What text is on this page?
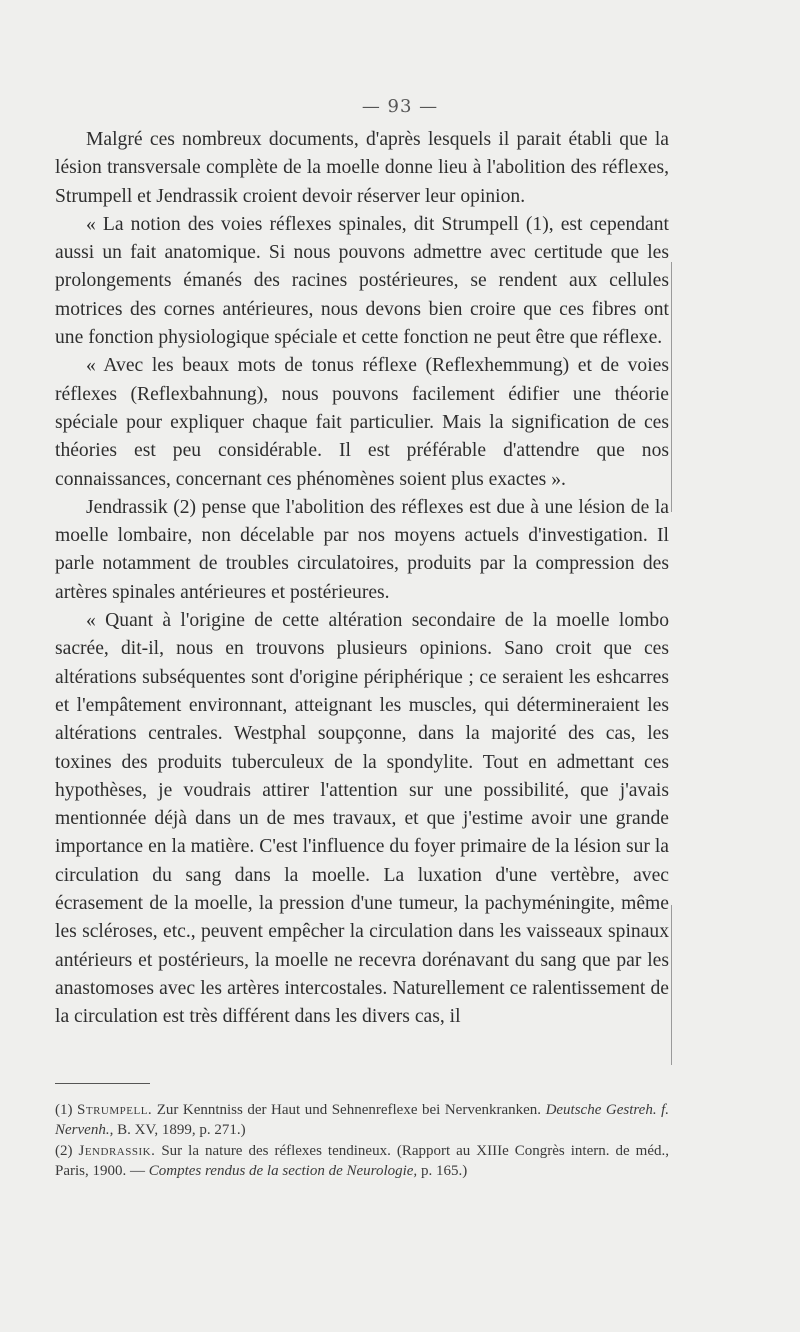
— 93 —

Malgré ces nombreux documents, d'après lesquels il parait établi que la lésion transversale complète de la moelle donne lieu à l'abolition des réflexes, Strumpell et Jendrassik croient devoir réserver leur opinion.

« La notion des voies réflexes spinales, dit Strumpell (1), est cependant aussi un fait anatomique. Si nous pouvons admettre avec certitude que les prolongements émanés des racines postérieures, se rendent aux cellules motrices des cornes antérieures, nous devons bien croire que ces fibres ont une fonction physiologique spéciale et cette fonction ne peut être que réflexe.

« Avec les beaux mots de tonus réflexe (Reflexhemmung) et de voies réflexes (Reflexbahnung), nous pouvons facilement édifier une théorie spéciale pour expliquer chaque fait particulier. Mais la signification de ces théories est peu considérable. Il est préférable d'attendre que nos connaissances, concernant ces phénomènes soient plus exactes ».

Jendrassik (2) pense que l'abolition des réflexes est due à une lésion de la moelle lombaire, non décelable par nos moyens actuels d'investigation. Il parle notamment de troubles circulatoires, produits par la compression des artères spinales antérieures et postérieures.

« Quant à l'origine de cette altération secondaire de la moelle lombo sacrée, dit-il, nous en trouvons plusieurs opinions. Sano croit que ces altérations subséquentes sont d'origine périphérique ; ce seraient les eshcarres et l'empâtement environnant, atteignant les muscles, qui détermineraient les altérations centrales. Westphal soupçonne, dans la majorité des cas, les toxines des produits tuberculeux de la spondylite. Tout en admettant ces hypothèses, je voudrais attirer l'attention sur une possibilité, que j'avais mentionnée déjà dans un de mes travaux, et que j'estime avoir une grande importance en la matière. C'est l'influence du foyer primaire de la lésion sur la circulation du sang dans la moelle. La luxation d'une vertèbre, avec écrasement de la moelle, la pression d'une tumeur, la pachyméningite, même les scléroses, etc., peuvent empêcher la circulation dans les vaisseaux spinaux antérieurs et postérieurs, la moelle ne recevra dorénavant du sang que par les anastomoses avec les artères intercostales. Naturellement ce ralentissement de la circulation est très différent dans les divers cas, il

(1) Strumpell. Zur Kenntniss der Haut und Sehnenreflexe bei Nervenkranken. Deutsche Gestreh. f. Nervenh., B. XV, 1899, p. 271.)

(2) Jendrassik. Sur la nature des réflexes tendineux. (Rapport au XIIIe Congrès intern. de méd., Paris, 1900. — Comptes rendus de la section de Neurologie, p. 165.)
